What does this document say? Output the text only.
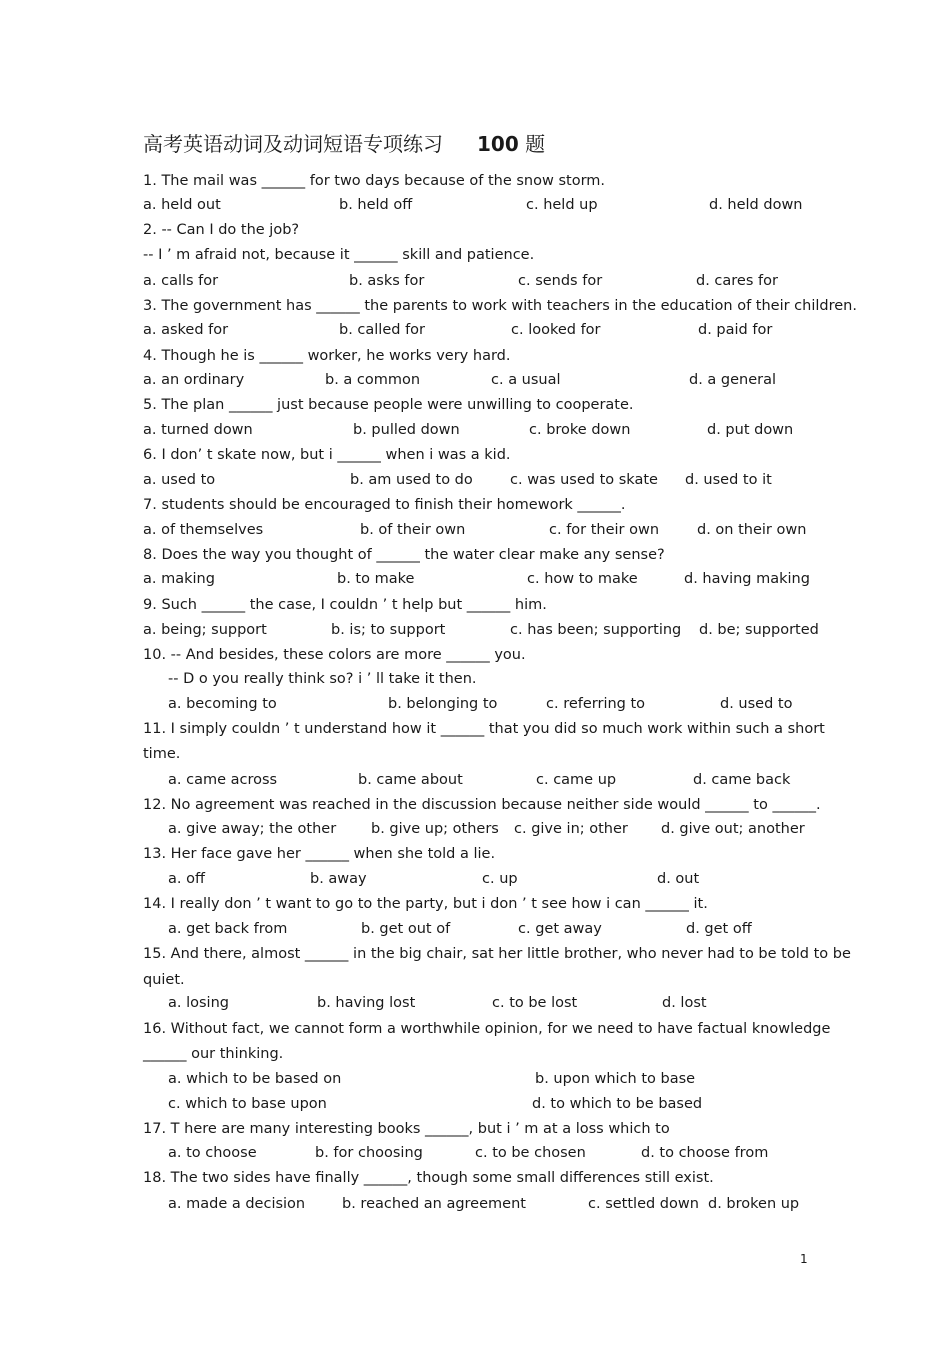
高考英语动词及动词短语专项练习 100 题
1. The mail was ______ for two days because of the snow storm.
a. held out	b. held off	c. held up	d. held down
2. -- Can I do the job?
-- I ’ m afraid not, because it ______ skill and patience.
a. calls for	b. asks for	c. sends for	d. cares for
3. The government has ______ the parents to work with teachers in the education of their children.
a. asked for	b. called for	c. looked for	d. paid for
4. Though he is ______ worker, he works very hard.
a. an ordinary	b. a common	c. a usual	d. a general
5. The plan ______ just because people were unwilling to cooperate.
a. turned down	b. pulled down	c. broke down	d. put down
6. I don’ t skate now, but i ______ when i was a kid.
a. used to	b. am used to do	c. was used to skate d. used to it
7. students should be encouraged to finish their homework ______.
a. of themselves	b. of their own	c. for their own	d. on their own
8. Does the way you thought of ______ the water clear make any sense?
a. making	b. to make	c. how to make	d. having making
9. Such ______ the case, I couldn ’ t help but ______ him.
a. being; support	b. is; to support	c. has been; supporting d. be; supported
10. -- And besides, these colors are more ______ you.
-- D o you really think so? i ’ ll take it then.
a. becoming to	b. belonging to	c. referring to	d. used to
11. I simply couldn ’ t understand how it ______ that you did so much work within such a short
time.
a. came across	b. came about	c. came up	d. came back
12. No agreement was reached in the discussion because neither side would ______ to ______.
a. give away; the other b. give up; others c. give in; other d. give out; another
13. Her face gave her ______ when she told a lie.
a. off	b. away	c. up	d. out
14. I really don ’ t want to go to the party, but i don ’ t see how i can ______ it.
a. get back from	b. get out of	c. get away	d. get off
15. And there, almost ______ in the big chair, sat her little brother, who never had to be told to be
quiet.
a. losing	b. having lost	c. to be lost	d. lost
16. Without fact, we cannot form a worthwhile opinion, for we need to have factual knowledge
______ our thinking.
a. which to be based on	b. upon which to base
c. which to base upon	d. to which to be based
17. T here are many interesting books ______, but i ’ m at a loss which to
a. to choose	b. for choosing	c. to be chosen	d. to choose from
18. The two sides have finally ______, though some small differences still exist.
a. made a decision	b. reached an agreement	c. settled down d. broken up
1
